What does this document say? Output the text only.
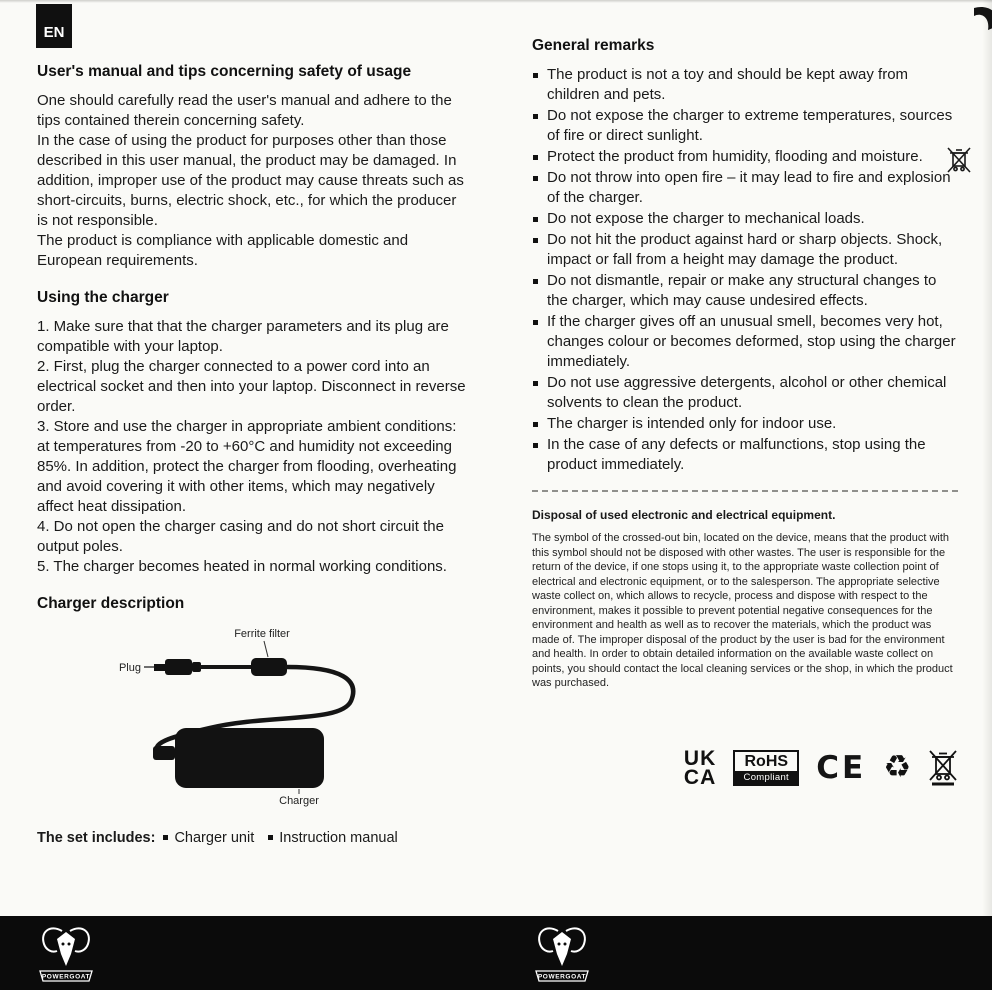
EN
User's manual and tips concerning safety of usage

One should carefully read the user's manual and adhere to the tips contained therein concerning safety.

In the case of using the product for purposes other than those described in this user manual, the product may be damaged. In addition, improper use of the product may cause threats such as short-circuits, burns, electric shock, etc., for which the producer is not responsible.

The product is compliance with applicable domestic and European requirements.

Using the charger

1. Make sure that that the charger parameters and its plug are compatible with your laptop.

2. First, plug the charger connected to a power cord into an electrical socket and then into your laptop. Disconnect in reverse order.

3. Store and use the charger in appropriate ambient conditions: at temperatures from -20 to +60°C and humidity not exceeding 85%. In addition, protect the charger from flooding, overheating and avoid covering it with other items, which may negatively affect heat dissipation.

4. Do not open the charger casing and do not short circuit the output poles.

5. The charger becomes heated in normal working conditions.

Charger description
Ferrite filter
Plug
Charger
The set includes:	Charger unit	Instruction manual
General remarks
The product is not a toy and should be kept away from children and pets.
Do not expose the charger to extreme temperatures, sources of fire or direct sunlight.
Protect the product from humidity, flooding and moisture.
Do not throw into open fire – it may lead to fire and explosion of the charger.
Do not expose the charger to mechanical loads.
Do not hit the product against hard or sharp objects. Shock, impact or fall from a height may damage the product.
Do not dismantle, repair or make any structural changes to the charger, which may cause undesired effects.
If the charger gives off an unusual smell, becomes very hot, changes colour or becomes deformed, stop using the charger immediately.
Do not use aggressive detergents, alcohol or other chemical solvents to clean the product.
The charger is intended only for indoor use.
In the case of any defects or malfunctions, stop using the product immediately.
Disposal of used electronic and electrical equipment.
The symbol of the crossed-out bin, located on the device, means that the product with this symbol should not be disposed with other wastes. The user is responsible for the return of the device, if one stops using it, to the appropriate waste collection point of electrical and electronic equipment, or to the salesperson. The appropriate selective waste collect on, which allows to recycle, process and dispose with respect to the environment, makes it possible to prevent potential negative consequences for the environment and health as well as to recover the materials, which the product was made of. The improper disposal of the product by the user is bad for the environment and health. In order to obtain detailed information on the available waste collect on points, you should contact the local cleaning services or the shop, in which the product was purchased.
UK
CA
RoHS
Compliant CE ♻
POWERGOAT	POWERGOAT
